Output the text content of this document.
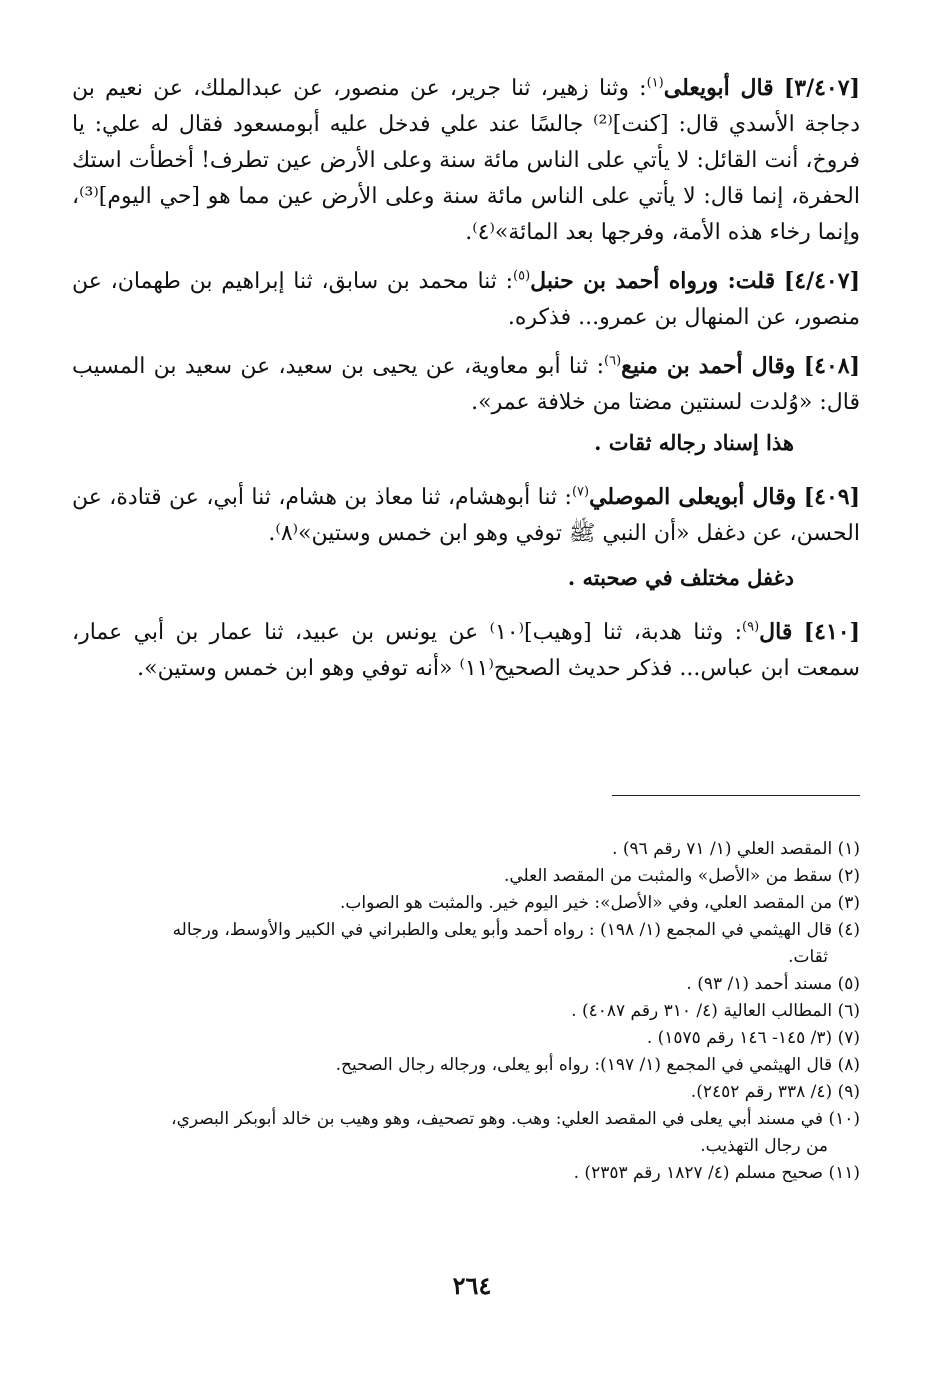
[٣/٤٠٧] قال أبويعلى$^{(١)}$: وثنا زهير، ثنا جرير، عن منصور، عن عبدالملك، عن نعيم بن دجاجة الأسدي قال: [كنت]⁽²⁾ جالسًا عند علي فدخل عليه أبومسعود فقال له علي: يا فروخ، أنت القائل: لا يأتي على الناس مائة سنة وعلى الأرض عين تطرف! أخطأت استك الحفرة، إنما قال: لا يأتي على الناس مائة سنة وعلى الأرض عين مما هو [حي اليوم]⁽³⁾، وإنما رخاء هذه الأمة، وفرجها بعد المائة»⁽٤⁾.

[٤/٤٠٧] قلت: ورواه أحمد بن حنبل$^{(٥)}$: ثنا محمد بن سابق، ثنا إبراهيم بن طهمان، عن منصور، عن المنهال بن عمرو... فذكره.

[٤٠٨] وقال أحمد بن منيع$^{(٦)}$: ثنا أبو معاوية، عن يحيى بن سعيد، عن سعيد بن المسيب قال: «وُلدت لسنتين مضتا من خلافة عمر».

هذا إسناد رجاله ثقات .

[٤٠٩] وقال أبويعلى الموصلي$^{(٧)}$: ثنا أبوهشام، ثنا معاذ بن هشام، ثنا أبي، عن قتادة، عن الحسن، عن دغفل «أن النبي ﷺ توفي وهو ابن خمس وستين»⁽٨⁾.

دغفل مختلف في صحبته .

[٤١٠] قال$^{(٩)}$: وثنا هدبة، ثنا [وهيب]⁽١٠⁾ عن يونس بن عبيد، ثنا عمار بن أبي عمار، سمعت ابن عباس... فذكر حديث الصحيح⁽١١⁾ «أنه توفي وهو ابن خمس وستين».

(١) المقصد العلي (١/ ٧١ رقم ٩٦) .

(٢) سقط من «الأصل» والمثبت من المقصد العلي.

(٣) من المقصد العلي، وفي «الأصل»: خير اليوم خير. والمثبت هو الصواب.

(٤) قال الهيثمي في المجمع (١/ ١٩٨) : رواه أحمد وأبو يعلى والطبراني في الكبير والأوسط، ورجاله
ثقات.

(٥) مسند أحمد (١/ ٩٣) .

(٦) المطالب العالية (٤/ ٣١٠ رقم ٤٠٨٧) .

(٧) (٣/ ١٤٥- ١٤٦ رقم ١٥٧٥) .

(٨) قال الهيثمي في المجمع (١/ ١٩٧): رواه أبو يعلى، ورجاله رجال الصحيح.

(٩) (٤/ ٣٣٨ رقم ٢٤٥٢).

(١٠) في مسند أبي يعلى في المقصد العلي: وهب. وهو تصحيف، وهو وهيب بن خالد أبوبكر البصري،
من رجال التهذيب.

(١١) صحيح مسلم (٤/ ١٨٢٧ رقم ٢٣٥٣) .

٢٦٤
